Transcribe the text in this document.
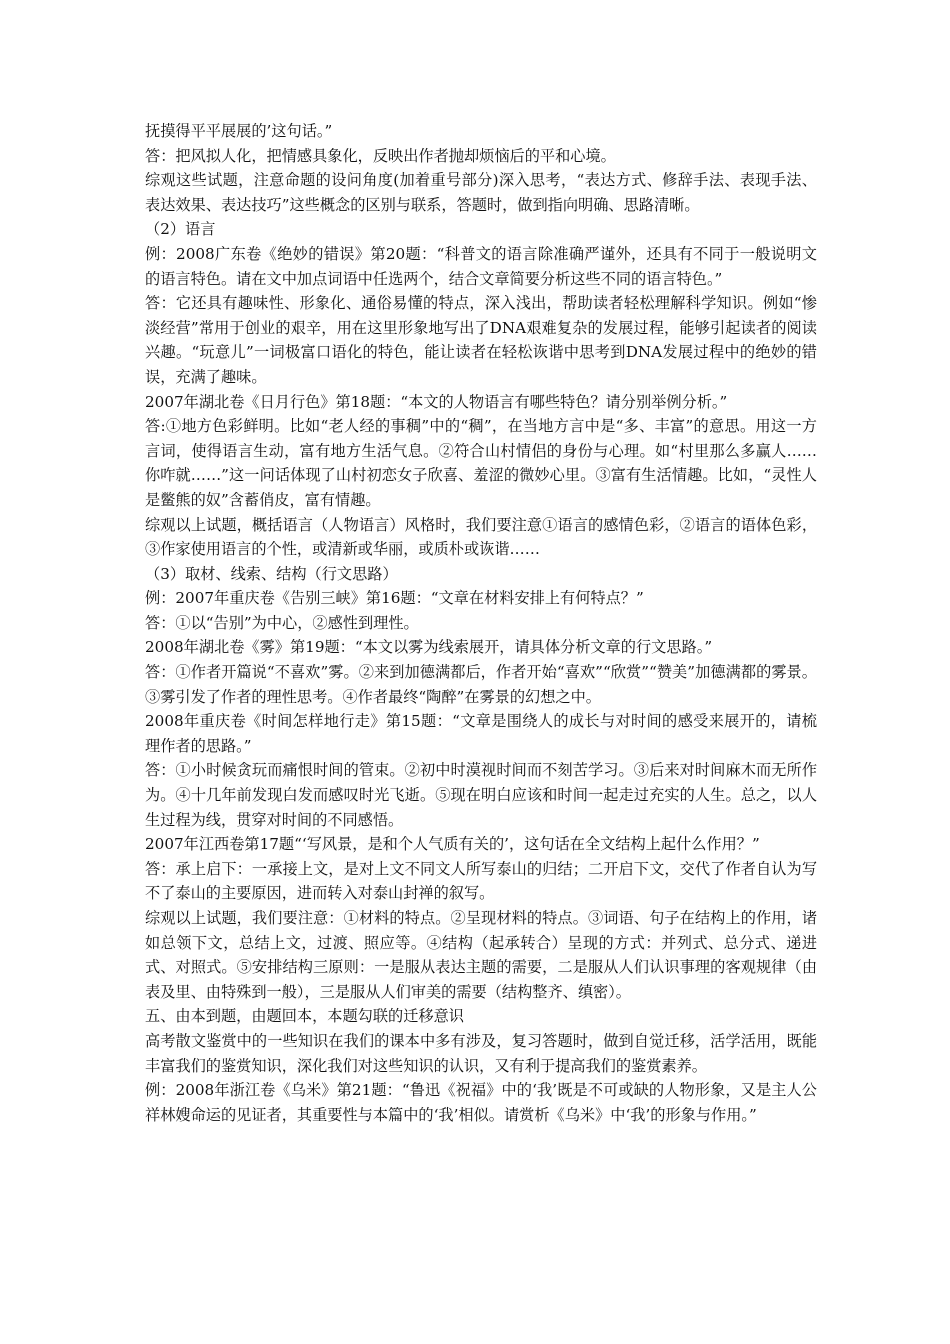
抚摸得平平展展的’这句话。”

答：把风拟人化，把情感具象化，反映出作者抛却烦恼后的平和心境。

综观这些试题，注意命题的设问角度(加着重号部分)深入思考，“表达方式、修辞手法、表现手法、表达效果、表达技巧”这些概念的区别与联系，答题时，做到指向明确、思路清晰。

（2）语言

例：2008广东卷《绝妙的错误》第20题：“科普文的语言除准确严谨外，还具有不同于一般说明文的语言特色。请在文中加点词语中任选两个，结合文章简要分析这些不同的语言特色。”

答：它还具有趣味性、形象化、通俗易懂的特点，深入浅出，帮助读者轻松理解科学知识。例如“惨淡经营”常用于创业的艰辛，用在这里形象地写出了DNA艰难复杂的发展过程，能够引起读者的阅读兴趣。“玩意儿”一词极富口语化的特色，能让读者在轻松诙谐中思考到DNA发展过程中的绝妙的错误，充满了趣味。

2007年湖北卷《日月行色》第18题：“本文的人物语言有哪些特色？请分别举例分析。”

答:①地方色彩鲜明。比如“老人经的事稠”中的“稠”，在当地方言中是“多、丰富”的意思。用这一方言词，使得语言生动，富有地方生活气息。②符合山村情侣的身份与心理。如“村里那么多赢人……你咋就……”这一问话体现了山村初恋女子欣喜、羞涩的微妙心里。③富有生活情趣。比如，“灵性人是鳖熊的奴”含蓄俏皮，富有情趣。

综观以上试题，概括语言（人物语言）风格时，我们要注意①语言的感情色彩，②语言的语体色彩，③作家使用语言的个性，或清新或华丽，或质朴或诙谐……

（3）取材、线索、结构（行文思路）

例：2007年重庆卷《告别三峡》第16题：“文章在材料安排上有何特点？”

答：①以“告别”为中心，②感性到理性。

2008年湖北卷《雾》第19题：“本文以雾为线索展开，请具体分析文章的行文思路。”

答：①作者开篇说“不喜欢”雾。②来到加德满都后，作者开始“喜欢”“欣赏”“赞美”加德满都的雾景。③雾引发了作者的理性思考。④作者最终“陶醉”在雾景的幻想之中。

2008年重庆卷《时间怎样地行走》第15题：“文章是围绕人的成长与对时间的感受来展开的，请梳理作者的思路。”

答：①小时候贪玩而痛恨时间的管束。②初中时漠视时间而不刻苦学习。③后来对时间麻木而无所作为。④十几年前发现白发而感叹时光飞逝。⑤现在明白应该和时间一起走过充实的人生。总之，以人生过程为线，贯穿对时间的不同感悟。

2007年江西卷第17题“‘写风景，是和个人气质有关的’，这句话在全文结构上起什么作用？”

答：承上启下：一承接上文，是对上文不同文人所写泰山的归结；二开启下文，交代了作者自认为写不了泰山的主要原因，进而转入对泰山封禅的叙写。

综观以上试题，我们要注意：①材料的特点。②呈现材料的特点。③词语、句子在结构上的作用，诸如总领下文，总结上文，过渡、照应等。④结构（起承转合）呈现的方式：并列式、总分式、递进式、对照式。⑤安排结构三原则：一是服从表达主题的需要，二是服从人们认识事理的客观规律（由表及里、由特殊到一般），三是服从人们审美的需要（结构整齐、缜密）。

五、由本到题，由题回本，本题勾联的迁移意识

高考散文鉴赏中的一些知识在我们的课本中多有涉及，复习答题时，做到自觉迁移，活学活用，既能丰富我们的鉴赏知识，深化我们对这些知识的认识，又有利于提高我们的鉴赏素养。

例：2008年浙江卷《乌米》第21题：“鲁迅《祝福》中的‘我’既是不可或缺的人物形象，又是主人公祥林嫂命运的见证者，其重要性与本篇中的‘我’相似。请赏析《乌米》中‘我’的形象与作用。”
